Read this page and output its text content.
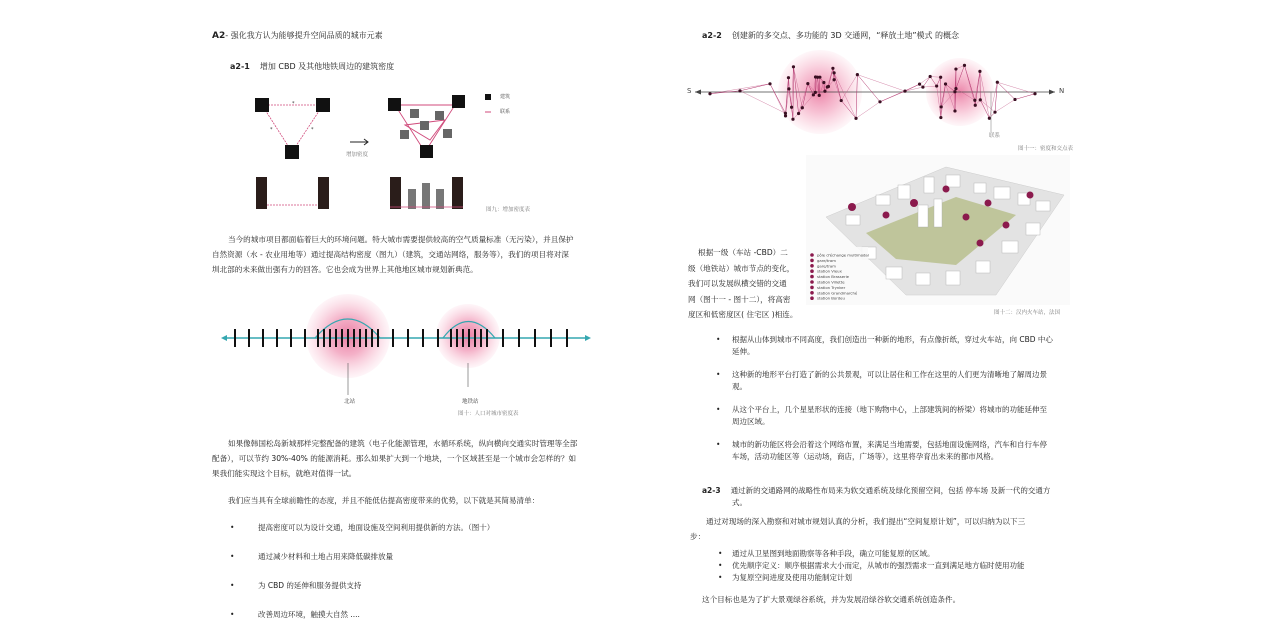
A2- 强化我方认为能够提升空间品质的城市元素
a2-1 增加 CBD 及其他地铁周边的建筑密度
*
*	*
建筑
联系
增加密度
图九：增加密度表
当今的城市项目都面临着巨大的环境问题。特大城市需要提供较高的空气质量标准（无污染），并且保护
自然资源（水 - 农业用地等）通过提高结构密度（图九）（建筑，交通站网络，服务等），我们的项目将对深
圳北部的未来做出强有力的回答。它也会成为世界上其他地区城市规划新典范。
北站	地铁站
图十：人口对城市密度表
如果像韩国松岛新城那样完整配备的建筑（电子化能源管理，水循环系统，纵向横向交通实时管理等全部
配备），可以节约 30%-40% 的能源消耗。那么如果扩大到一个地块，一个区域甚至是一个城市会怎样的？如
果我们能实现这个目标，就绝对值得一试。
我们应当具有全球前瞻性的态度，并且不能低估提高密度带来的优势，以下就是其简易清单：
•	提高密度可以为设计交通，地面设施及空间利用提供新的方法。（图十）
•	通过减少材料和土地占用来降低碳排放量
•	为 CBD 的延伸和服务提供支持
•	改善周边环境，触摸大自然 ....
a2-2 创建新的多交点、多功能的 3D 交通网，“释放土地”模式 的概念
S	N
联系
图十一：密度和交点表
pôle d'échange multimodal
gare/tram
gare/tram
station Vieux
station Brasserie
station Villette
station Trynker
station Grandmarché
station Bordeu
图十二：汉内火车站，法国
根据一级（车站 -CBD）二
级（地铁站）城市节点的变化，
我们可以发展纵横交错的交通
网（图十一 - 图十二），将高密
度区和低密度区( 住宅区 )相连。
• 根据从山体到城市不同高度，我们创造出一种新的地形，有点像折纸，穿过火车站，向 CBD 中心
延伸。
• 这种新的地形平台打造了新的公共景观，可以让居住和工作在这里的人们更为清晰地了解周边景
观。
• 从这个平台上，几个星星形状的连接（地下购物中心，上部建筑间的桥梁）将城市的功能延伸至
周边区域。
• 城市的新功能区将会沿着这个网络布置，来满足当地需要，包括地面设施网络，汽车和自行车停
车场，活动功能区等（运动场，商店，广场等），这里将孕育出未来的都市风格。
a2-3 通过新的交通路网的战略性布局来为软交通系统及绿化预留空间，包括 停车场 及新一代的交通方
式。
通过对现场的深入勘察和对城市规划认真的分析，我们提出“空间复原计划”，可以归纳为以下三
步：
• 通过从卫星图到地面勘察等各种手段，确立可能复原的区域。
• 优先顺序定义：顺序根据需求大小而定，从城市的强烈需求一直到满足地方临时使用功能
• 为复原空间进度及使用功能制定计划
这个目标也是为了扩大景观绿谷系统，并为发展沿绿谷软交通系统创造条件。
